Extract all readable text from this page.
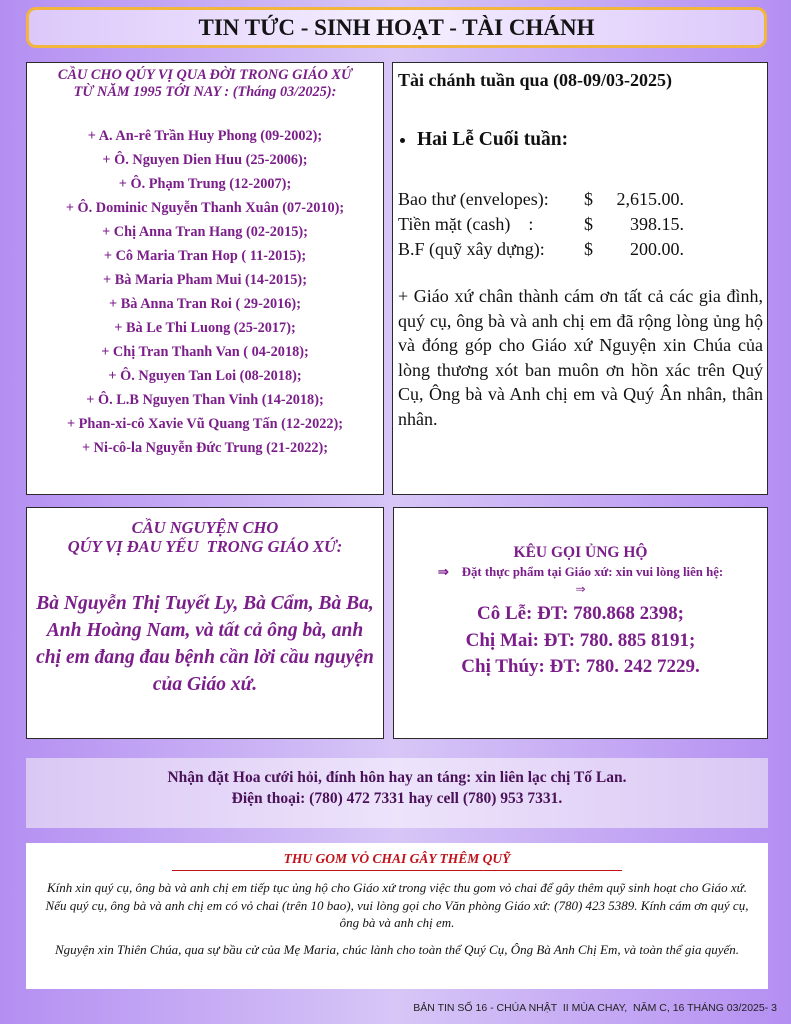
TIN TỨC - SINH HOẠT - TÀI CHÁNH
CẦU CHO QÚY VỊ QUA ĐỜI TRONG GIÁO XỨ
TỪ NĂM 1995 TỚI NAY : (Tháng 03/2025):
+ A. An-rê Trần Huy Phong (09-2002);
+ Ô. Nguyen Dien Huu (25-2006);
+ Ô. Phạm Trung (12-2007);
+ Ô. Dominic Nguyễn Thanh Xuân (07-2010);
+ Chị Anna Tran Hang (02-2015);
+ Cô Maria Tran Hop ( 11-2015);
+ Bà Maria Pham Mui (14-2015);
+ Bà Anna Tran Roi ( 29-2016);
+ Bà Le Thi Luong (25-2017);
+ Chị Tran Thanh Van ( 04-2018);
+ Ô. Nguyen Tan Loi (08-2018);
+ Ô. L.B Nguyen Than Vinh (14-2018);
+ Phan-xi-cô Xavie Vũ Quang Tấn (12-2022);
+ Ni-cô-la Nguyễn Đức Trung (21-2022);
Tài chánh tuần qua (08-09/03-2025)
Hai Lễ Cuối tuần:
Bao thư (envelopes):	$ 2,615.00.
Tiền mặt (cash)    :	$ 398.15.
B.F (quỹ xây dựng):	$ 200.00.
+ Giáo xứ chân thành cám ơn tất cả các gia đình, quý cụ, ông bà và anh chị em đã rộng lòng ủng hộ và đóng góp cho Giáo xứ Nguyện xin Chúa của lòng thương xót ban muôn ơn hồn xác trên Quý Cụ, Ông bà và Anh chị em và Quý Ân nhân, thân nhân.
CẦU NGUYỆN CHO
QÚY VỊ ĐAU YẾU  TRONG GIÁO XỨ:
Bà Nguyễn Thị Tuyết Ly, Bà Cẩm, Bà Ba, Anh Hoàng Nam, và tất cả ông bà, anh chị em đang đau bệnh cần lời cầu nguyện của Giáo xứ.
KÊU GỌI ỦNG HỘ
⇒ Đặt thực phẩm tại Giáo xứ: xin vui lòng liên hệ:
⇒
Cô Lễ: ĐT: 780.868 2398;
Chị Mai: ĐT: 780. 885 8191;
Chị Thúy: ĐT: 780. 242 7229.
Nhận đặt Hoa cưới hỏi, đính hôn hay an táng: xin liên lạc chị Tố Lan.
Điện thoại: (780) 472 7331 hay cell (780) 953 7331.
THU GOM VỎ CHAI GÂY THÊM QUỸ
Kính xin quý cụ, ông bà và anh chị em tiếp tục ủng hộ cho Giáo xứ trong việc thu gom vỏ chai để gây thêm quỹ sinh hoạt cho Giáo xứ. Nếu quý cụ, ông bà và anh chị em có vỏ chai (trên 10 bao), vui lòng gọi cho Văn phòng Giáo xứ: (780) 423 5389. Kính cám ơn quý cụ, ông bà và anh chị em.
Nguyện xin Thiên Chúa, qua sự bầu cử của Mẹ Maria, chúc lành cho toàn thể Quý Cụ, Ông Bà Anh Chị Em, và toàn thể gia quyến.
BẢN TIN SỐ 16 - CHÚA NHẬT  II MÙA CHAY,  NĂM C, 16 THÁNG 03/2025- 3
